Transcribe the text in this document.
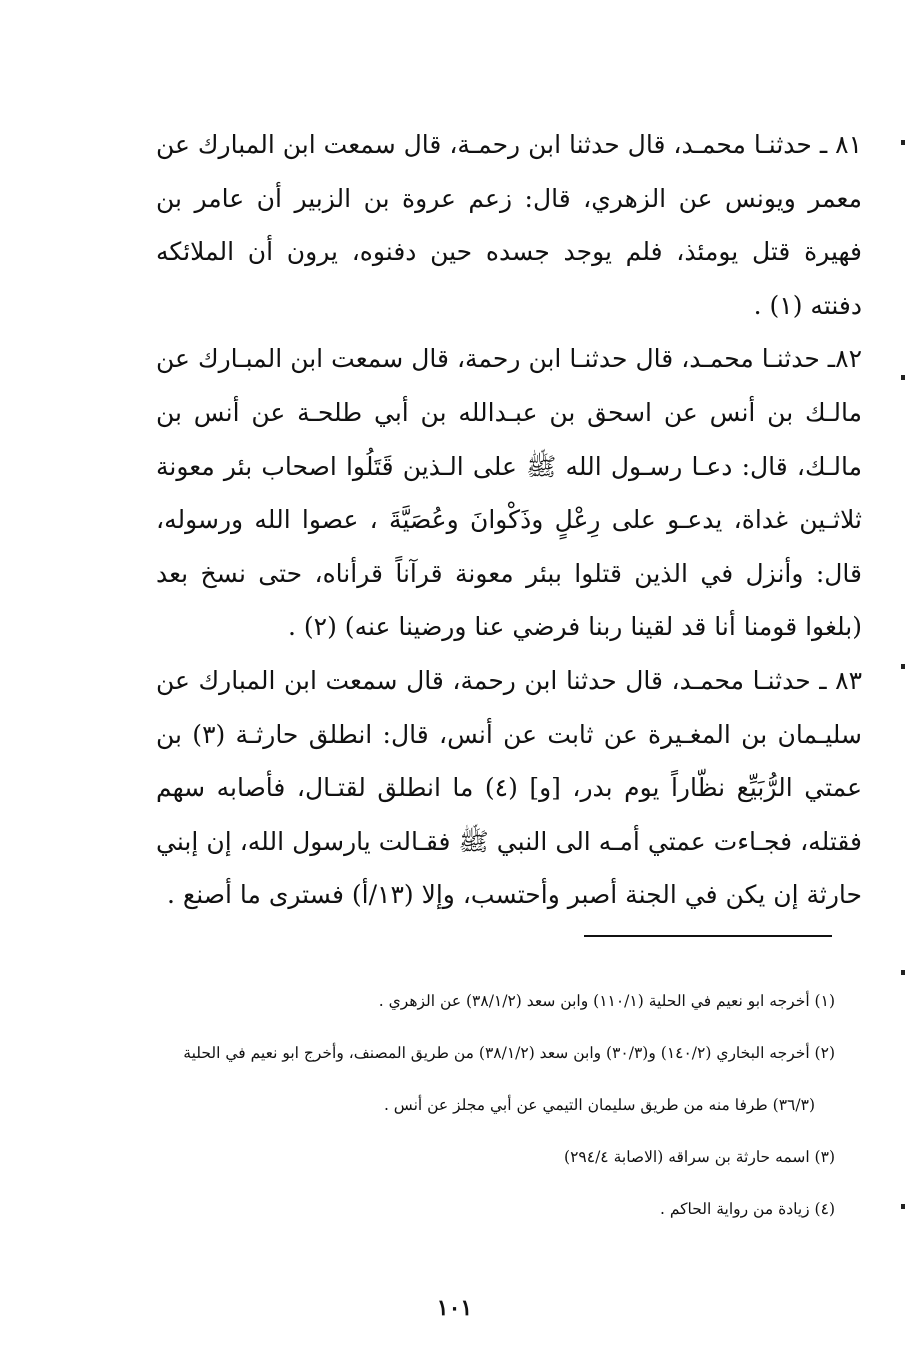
٨١ ـ حدثنـا محمـد، قال حدثنا ابن رحمـة، قال سمعت ابن المبارك عن معمر ويونس عن الزهري، قال: زعم عروة بن الزبير أن عامر بن فهيرة قتل يومئذ، فلم يوجد جسده حين دفنوه، يرون أن الملائكه دفنته (١) .

٨٢ـ حدثنـا محمـد، قال حدثنـا ابن رحمة، قال سمعت ابن المبـارك عن مالـك بن أنس عن اسحق بن عبـدالله بن أبي طلحـة عن أنس بن مالـك، قال: دعـا رسـول الله ﷺ على الـذين قَتَلُوا اصحاب بئر معونة ثلاثـين غداة، يدعـو على رِعْلٍ وذَكْوانَ وعُصَيَّةَ ، عصوا الله ورسوله، قال: وأنزل في الذين قتلوا ببئر معونة قرآناً قرأناه، حتى نسخ بعد (بلغوا قومنا أنا قد لقينا ربنا فرضي عنا ورضينا عنه) (٢) .

٨٣ ـ حدثنـا محمـد، قال حدثنا ابن رحمة، قال سمعت ابن المبارك عن سليـمان بن المغـيرة عن ثابت عن أنس، قال: انطلق حارثـة (٣) بن عمتي الرُّبَيِّع نظّاراً يوم بدر، [و] (٤) ما انطلق لقتـال، فأصابه سهم فقتله، فجـاءت عمتي أمـه الى النبي ﷺ فقـالت يارسول الله، إن إبني حارثة إن يكن في الجنة أصبر وأحتسب، وإلا (١٣/أ) فسترى ما أصنع .

(١) أخرجه ابو نعيم في الحلية (١١٠/١) وابن سعد (٣٨/١/٢) عن الزهري .

(٢) أخرجه البخاري (١٤٠/٢) و(٣٠/٣) وابن سعد (٣٨/١/٢) من طريق المصنف، وأخرج ابو نعيم في الحلية

(٣٦/٣) طرفا منه من طريق سليمان التيمي عن أبي مجلز عن أنس .

(٣) اسمه حارثة بن سراقه (الاصابة ٢٩٤/٤)

(٤) زيادة من رواية الحاكم .

١٠١
